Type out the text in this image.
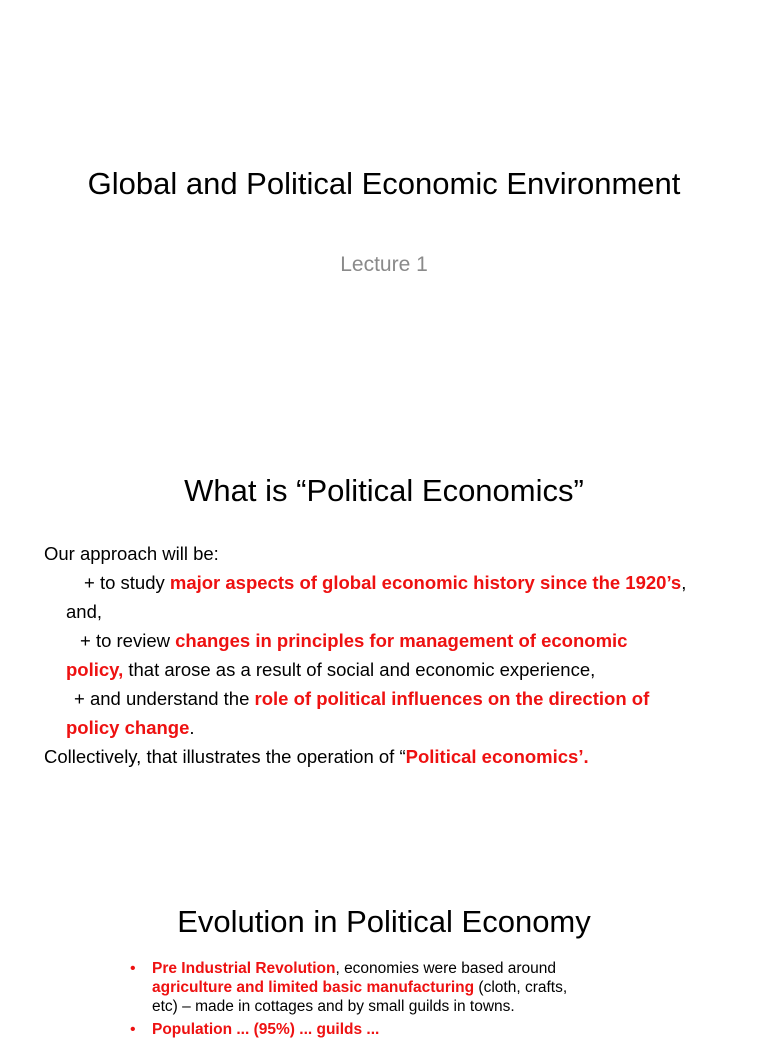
Global and Political Economic Environment
Lecture 1
What is “Political Economics”

Our approach will be:

+ to study major aspects of global economic history since the 1920’s,

and,

+ to review changes in principles for management of economic

policy, that arose as a result of social and economic experience,

+ and understand the role of political influences on the direction of

policy change.

Collectively, that illustrates the operation of “Political economics’.

Evolution in Political Economy
• Pre Industrial Revolution, economies were based around
agriculture and limited basic manufacturing (cloth, crafts,
etc) – made in cottages and by small guilds in towns.
• Population ... (95%) ... guilds ...
